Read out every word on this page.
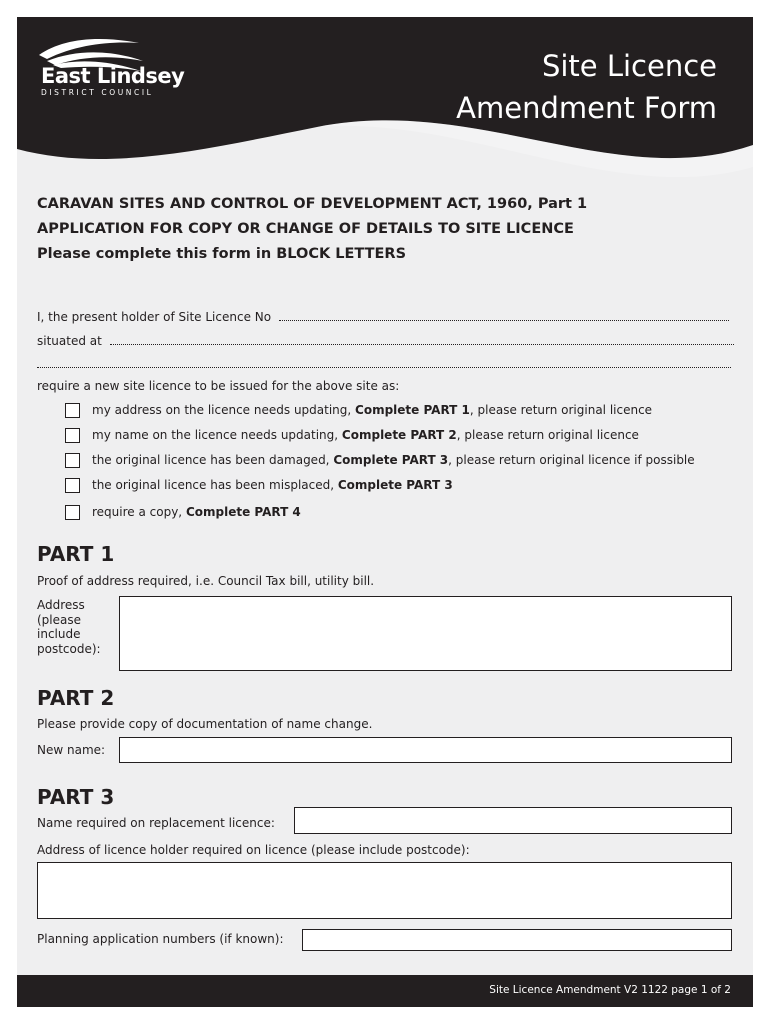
East Lindsey
DISTRICT COUNCIL
Site Licence
Amendment Form
CARAVAN SITES AND CONTROL OF DEVELOPMENT ACT, 1960, Part 1
APPLICATION FOR COPY OR CHANGE OF DETAILS TO SITE LICENCE
Please complete this form in BLOCK LETTERS
I, the present holder of Site Licence No
situated at
require a new site licence to be issued for the above site as:
my address on the licence needs updating, Complete PART 1, please return original licence
my name on the licence needs updating, Complete PART 2, please return original licence
the original licence has been damaged, Complete PART 3, please return original licence if possible
the original licence has been misplaced, Complete PART 3
require a copy, Complete PART 4
PART 1
Proof of address required, i.e. Council Tax bill, utility bill.
Address
(please
include
postcode):
PART 2
Please provide copy of documentation of name change.
New name:
PART 3
Name required on replacement licence:
Address of licence holder required on licence (please include postcode):
Planning application numbers (if known):
Site Licence Amendment V2 1122 page 1 of 2
